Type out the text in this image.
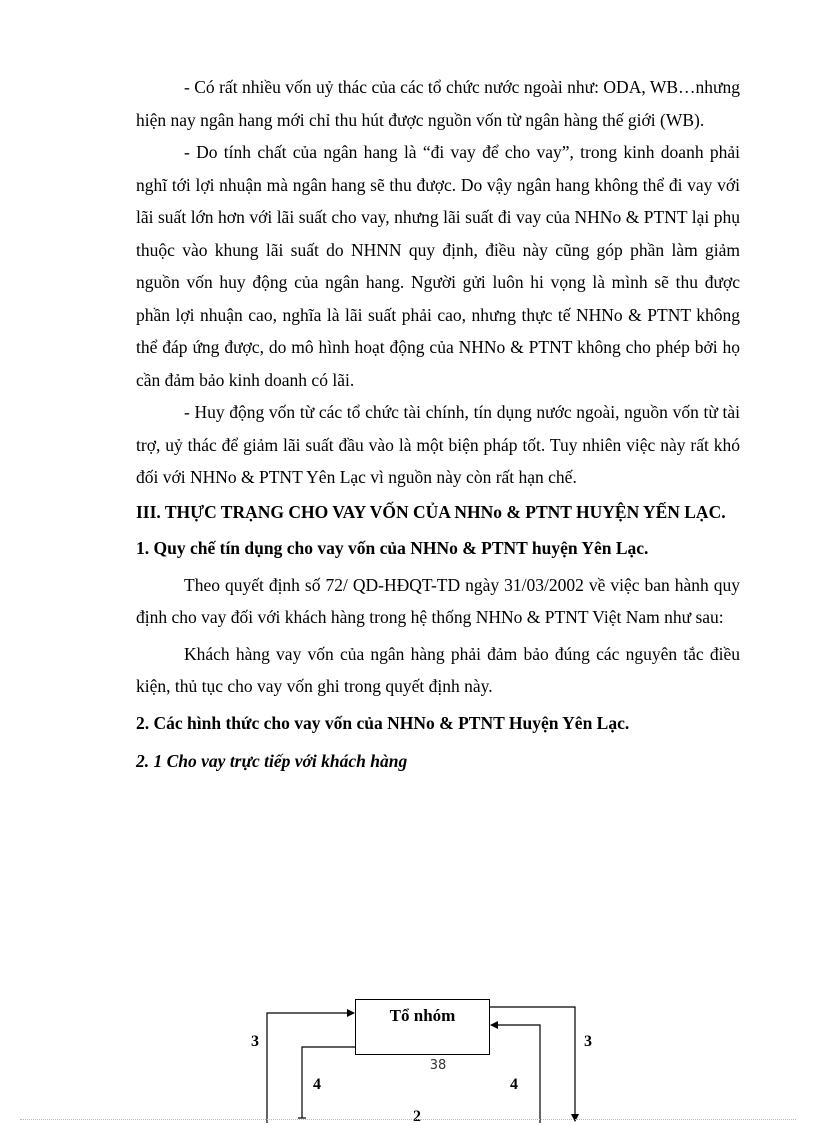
- Có rất nhiều vốn uỷ thác của các tổ chức nước ngoài như: ODA, WB…nhưng hiện nay ngân hang mới chỉ thu hút được nguồn vốn từ ngân hàng thế giới (WB).

- Do tính chất của ngân hang là “đi vay để cho vay”, trong kinh doanh phải nghĩ tới lợi nhuận mà ngân hang sẽ thu được. Do vậy ngân hang không thể đi vay với lãi suất lớn hơn với lãi suất cho vay, nhưng lãi suất đi vay của NHNo & PTNT lại phụ thuộc vào khung lãi suất do NHNN quy định, điều này cũng góp phần làm giảm nguồn vốn huy động của ngân hang. Người gửi luôn hi vọng là mình sẽ thu được phần lợi nhuận cao, nghĩa là lãi suất phải cao, nhưng thực tế NHNo & PTNT không thể đáp ứng được, do mô hình hoạt động của NHNo & PTNT không cho phép bởi họ cần đảm bảo kinh doanh có lãi.

- Huy động vốn từ các tổ chức tài chính, tín dụng nước ngoài, nguồn vốn từ tài trợ, uỷ thác để giảm lãi suất đầu vào là một biện pháp tốt. Tuy nhiên việc này rất khó đối với NHNo & PTNT Yên Lạc vì nguồn này còn rất hạn chế.

III. THỰC TRẠNG CHO VAY VỐN CỦA NHNo & PTNT HUYỆN YẾN LẠC.

1. Quy chế tín dụng cho vay vốn của NHNo & PTNT huyện Yên Lạc.

Theo quyết định số 72/ QD-HĐQT-TD ngày 31/03/2002 về việc ban hành quy định cho vay đối với khách hàng trong hệ thống NHNo & PTNT Việt Nam như sau:

Khách hàng vay vốn của ngân hàng phải đảm bảo đúng các nguyên tắc điều kiện, thủ tục cho vay vốn ghi trong quyết định này.

2. Các hình thức cho vay vốn của NHNo & PTNT Huyện Yên Lạc.

2. 1 Cho vay trực tiếp với khách hàng

Tổ nhóm
3	3
4	4
2
38
